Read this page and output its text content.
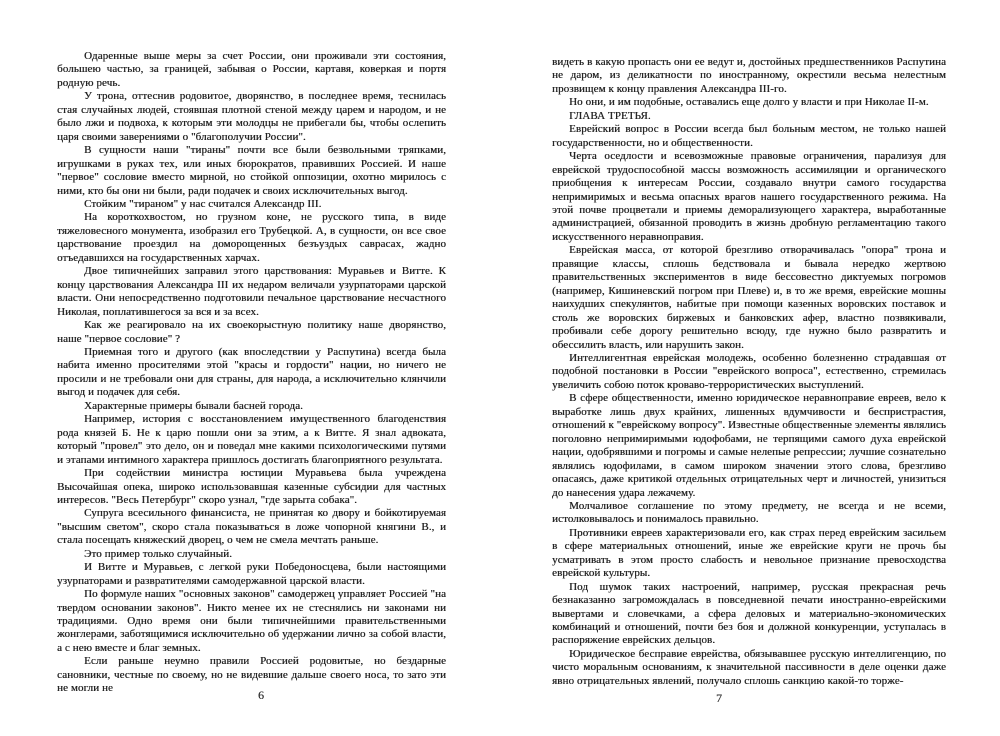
Одаренные выше меры за счет России, они проживали эти состояния, большею частью, за границей, забывая о России, картавя, коверкая и портя родную речь.

У трона, оттеснив родовитое, дворянство, в последнее время, теснилась стая случайных людей, стоявшая плотной стеной между царем и народом, и не было лжи и подвоха, к которым эти молодцы не прибегали бы, чтобы ослепить царя своими заверениями о "благополучии России".

В сущности наши "тираны" почти все были безвольными тряпками, игрушками в руках тех, или иных бюрократов, правивших Россией. И наше "первое" сословие вместо мирной, но стойкой оппозиции, охотно мирилось с ними, кто бы они ни были, ради подачек и своих исключительных выгод.

Стойким "тираном" у нас считался Александр III.

На короткохвостом, но грузном коне, не русского типа, в виде тяжеловесного монумента, изобразил его Трубецкой. А, в сущности, он все свое царствование проездил на доморощенных безъуздых саврасах, жадно отъедавшихся на государственных харчах.

Двое типичнейших заправил этого царствования: Муравьев и Витте. К концу царствования Александра III их недаром величали узурпаторами царской власти. Они непосредственно подготовили печальное царствование несчастного Николая, поплатившегося за вся и за всех.

Как же реагировало на их своекорыстную политику наше дворянство, наше "первое сословие" ?

Приемная того и другого (как впоследствии у Распутина) всегда была набита именно просителями этой "красы и гордости" нации, но ничего не просили и не требовали они для страны, для народа, а исключительно клянчили выгод и подачек для себя.

Характерные примеры бывали басней города.

Например, история с восстановлением имущественного благоденствия рода князей Б. Не к царю пошли они за этим, а к Витте. Я знал адвоката, который "провел" это дело, он и поведал мне какими психологическими путями и этапами интимного характера пришлось достигать благоприятного результата.

При содействии министра юстиции Муравьева была учреждена Высочайшая опека, широко использовавшая казенные субсидии для частных интересов. "Весь Петербург" скоро узнал, "где зарыта собака".

Супруга всесильного финансиста, не принятая ко двору и бойкотируемая "высшим светом", скоро стала показываться в ложе чопорной княгини В., и стала посещать княжеский дворец, о чем не смела мечтать раньше.

Это пример только случайный.

И Витте и Муравьев, с легкой руки Победоносцева, были настоящими узурпаторами и развратителями самодержавной царской власти.

По формуле наших "основных законов" самодержец управляет Россией "на твердом основании законов". Никто менее их не стеснялись ни законами ни традициями. Одно время они были типичнейшими правительственными жонглерами, заботящимися исключительно об удержании лично за собой власти, а с нею вместе и благ земных.

Если раньше неумно правили Россией родовитые, но бездарные сановники, честные по своему, но не видевшие дальше своего носа, то зато эти не могли не

видеть в какую пропасть они ее ведут и, достойных предшественников Распутина не даром, из деликатности по иностранному, окрестили весьма нелестным прозвищем к концу правления Александра III-го.

Но они, и им подобные, оставались еще долго у власти и при Николае II-м.

ГЛАВА ТРЕТЬЯ.

Еврейский вопрос в России всегда был больным местом, не только нашей государственности, но и общественности.

Черта оседлости и всевозможные правовые ограничения, парализуя для еврейской трудоспособной массы возможность ассимиляции и органического приобщения к интересам России, создавало внутри самого государства непримиримых и весьма опасных врагов нашего государственного режима. На этой почве процветали и приемы деморализующего характера, выработанные администрацией, обязанной проводить в жизнь дробную регламентацию такого искусственного неравноправия.

Еврейская масса, от которой брезгливо отворачивалась "опора" трона и правящие классы, сплошь бедствовала и бывала нередко жертвою правительственных экспериментов в виде бессовестно диктуемых погромов (например, Кишиневский погром при Плеве) и, в то же время, еврейские мошны наихудших спекулянтов, набитые при помощи казенных воровских поставок и столь же воровских биржевых и банковских афер, властно позвякивали, пробивали себе дорогу решительно всюду, где нужно было развратить и обессилить власть, или нарушить закон.

Интеллигентная еврейская молодежь, особенно болезненно страдавшая от подобной постановки в России "еврейского вопроса", естественно, стремилась увеличить собою поток кроваво-террористических выступлений.

В сфере общественности, именно юридическое неравноправие евреев, вело к выработке лишь двух крайних, лишенных вдумчивости и беспристрастия, отношений к "еврейскому вопросу". Известные общественные элементы являлись поголовно непримиримыми юдофобами, не терпящими самого духа еврейской нации, одобрявшими и погромы и самые нелепые репрессии; лучшие сознательно являлись юдофилами, в самом широком значении этого слова, брезгливо опасаясь, даже критикой отдельных отрицательных черт и личностей, унизиться до нанесения удара лежачему.

Молчаливое соглашение по этому предмету, не всегда и не всеми, истолковывалось и понималось правильно.

Противники евреев характеризовали его, как страх перед еврейским засильем в сфере материальных отношений, иные же еврейские круги не прочь бы усматривать в этом просто слабость и невольное признание превосходства еврейской культуры.

Под шумок таких настроений, например, русская прекрасная речь безнаказанно загромождалась в повседневной печати иностранно-еврейскими вывертами и словечками, а сфера деловых и материально-экономических комбинаций и отношений, почти без боя и должной конкуренции, уступалась в распоряжение еврейских дельцов.

Юридическое бесправие еврейства, обязывавшее русскую интеллигенцию, по чисто моральным основаниям, к значительной пассивности в деле оценки даже явно отрицательных явлений, получало сплошь санкцию какой-то торже-

6	7
